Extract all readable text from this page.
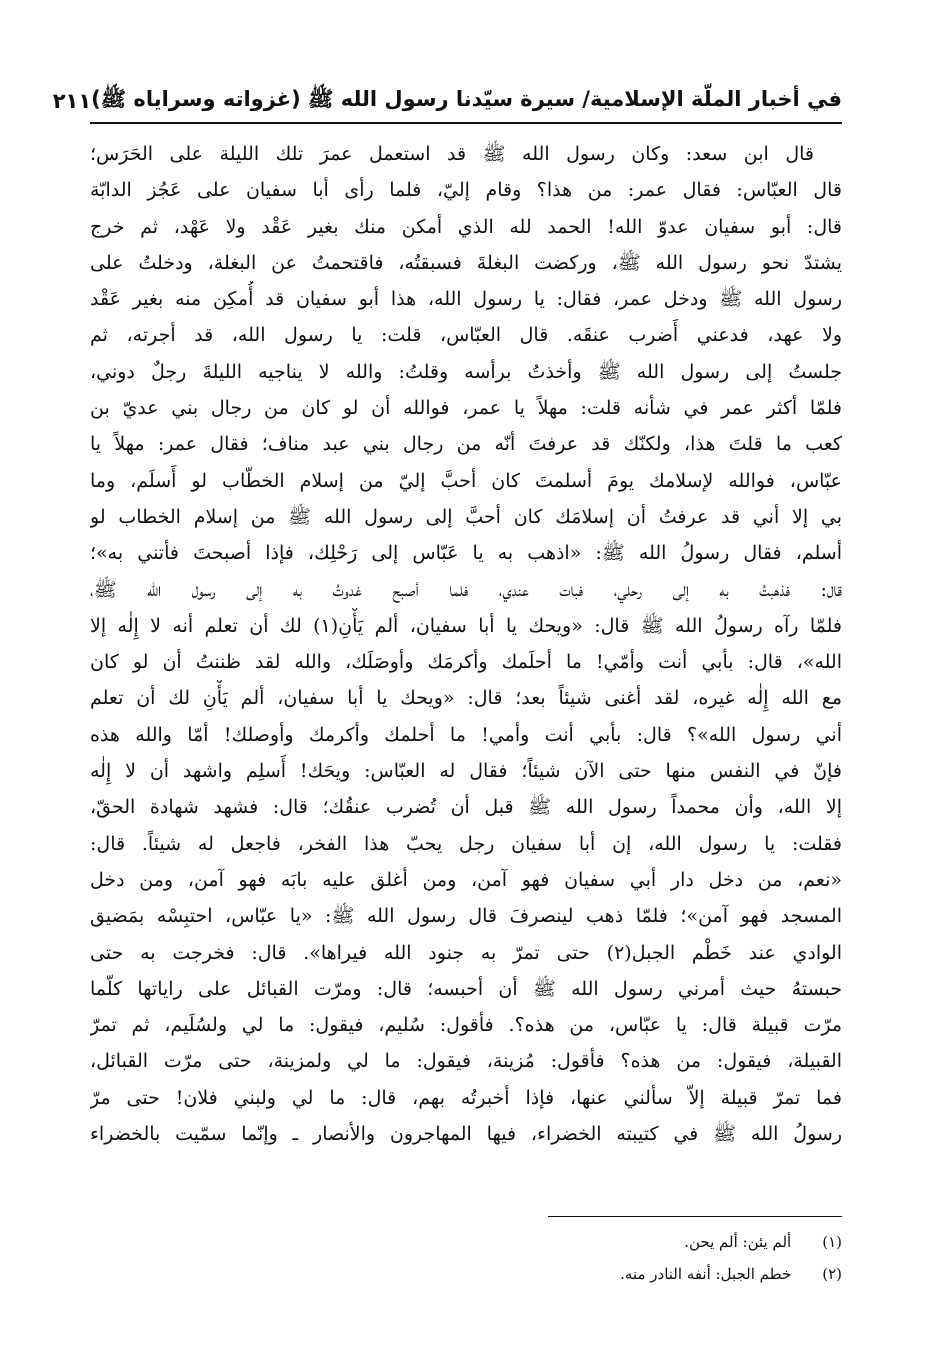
في أخبار الملّة الإسلامية/ سيرة سيّدنا رسول الله ﷺ (غزواته وسراياه ﷺ)
٢١١
قال ابن سعد: وكان رسول الله ﷺ قد استعمل عمرَ تلك الليلة على الحَرَس؛
قال العبّاس: فقال عمر: من هذا؟ وقام إليّ، فلما رأى أبا سفيان على عَجُز الدابّة
قال: أبو سفيان عدوّ الله! الحمد لله الذي أمكن منك بغير عَقْد ولا عَهْد، ثم خرج
يشتدّ نحو رسول الله ﷺ، وركضت البغلةَ فسبقتُه، فاقتحمتُ عن البغلة، ودخلتُ على
رسول الله ﷺ ودخل عمر، فقال: يا رسول الله، هذا أبو سفيان قد أُمكِن منه بغير عَقْد
ولا عهد، فدعني أَضرب عنقَه. قال العبّاس، قلت: يا رسول الله، قد أجرته، ثم
جلستُ إلى رسول الله ﷺ وأخذتُ برأسه وقلتُ: والله لا يناجيه الليلةَ رجلٌ دوني،
فلمّا أكثر عمر في شأنه قلت: مهلاً يا عمر، فوالله أن لو كان من رجال بني عديّ بن
كعب ما قلتَ هذا، ولكنّك قد عرفتَ أنّه من رجال بني عبد مناف؛ فقال عمر: مهلاً يا
عبّاس، فوالله لإسلامك يومَ أسلمتَ كان أحبَّ إليّ من إسلام الخطّاب لو أَسلَم، وما
بي إلا أني قد عرفتُ أن إسلامَك كان أحبَّ إلى رسول الله ﷺ من إسلام الخطاب لو
أسلم، فقال رسولُ الله ﷺ: «اذهب به يا عَبّاس إلى رَحْلِك، فإذا أصبحتَ فأتني به»؛
قال: فذهبتُ به إلى رحلي، فبات عندي، فلما أصبح غدوتُ به إلى رسول الله ﷺ،
فلمّا رآه رسولُ الله ﷺ قال: «ويحك يا أبا سفيان، ألم يَأْنِ(١) لك أن تعلم أنه لا إِلٰه إلا
الله»، قال: بأبي أنت وأمّي! ما أحلَمك وأكرمَك وأوصَلَك، والله لقد ظننتُ أن لو كان
مع الله إِلٰه غيره، لقد أغنى شيئاً بعد؛ قال: «ويحك يا أبا سفيان، ألم يَأْنِ لك أن تعلم
أني رسول الله»؟ قال: بأبي أنت وأمي! ما أحلمك وأكرمك وأوصلك! أمّا والله هذه
فإنّ في النفس منها حتى الآن شيئاً؛ فقال له العبّاس: ويحَك! أَسلِم واشهد أن لا إِلٰه
إلا الله، وأن محمداً رسول الله ﷺ قبل أن تُضرب عنقُك؛ قال: فشهد شهادة الحقّ،
فقلت: يا رسول الله، إن أبا سفيان رجل يحبّ هذا الفخر، فاجعل له شيئاً. قال:
«نعم، من دخل دار أبي سفيان فهو آمن، ومن أغلق عليه بابَه فهو آمن، ومن دخل
المسجد فهو آمن»؛ فلمّا ذهب لينصرفَ قال رسول الله ﷺ: «يا عبّاس، احتبِسْه بمَضيق
الوادي عند خَطْم الجبل(٢) حتى تمرّ به جنود الله فيراها». قال: فخرجت به حتى
حبستهُ حيث أمرني رسول الله ﷺ أن أحبسه؛ قال: ومرّت القبائل على راياتها كلّما
مرّت قبيلة قال: يا عبّاس، من هذه؟. فأقول: سُليم، فيقول: ما لي ولسُلَيم، ثم تمرّ
القبيلة، فيقول: من هذه؟ فأقول: مُزينة، فيقول: ما لي ولمزينة، حتى مرّت القبائل،
فما تمرّ قبيلة إلاّ سألني عنها، فإذا أخبرتُه بهم، قال: ما لي ولبني فلان! حتى مرّ
رسولُ الله ﷺ في كتيبته الخضراء، فيها المهاجرون والأنصار ـ وإنّما سمّيت بالخضراء
(١) ألم يئن: ألم يحن.
(٢) خطم الجبل: أنفه النادر منه.
